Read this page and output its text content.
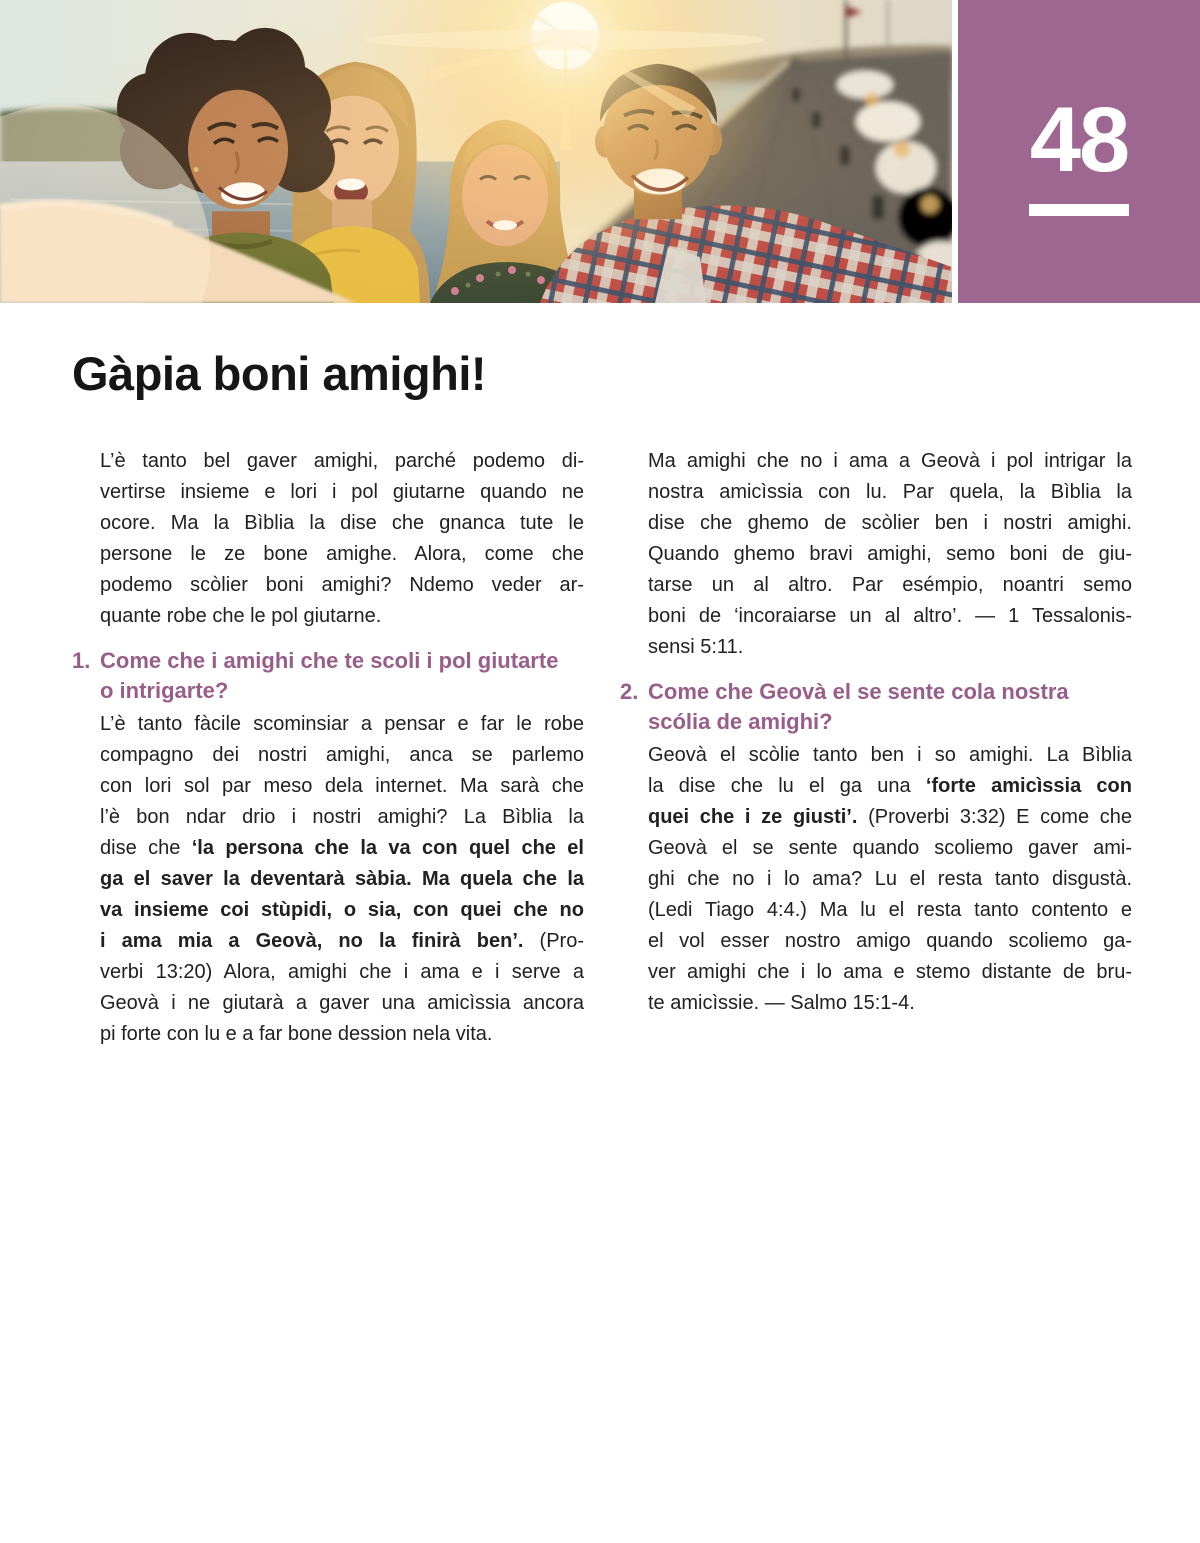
48
Gàpia boni amighi!
L’è tanto bel gaver amighi, parché podemo di-
vertirse insieme e lori i pol giutarne quando ne
ocore. Ma la Bìblia la dise che gnanca tute le
persone le ze bone amighe. Alora, come che
podemo scòlier boni amighi? Ndemo veder ar-
quante robe che le pol giutarne.
1. Come che i amighi che te scoli i pol giutarte
o intrigarte?
L’è tanto fàcile scominsiar a pensar e far le robe
compagno dei nostri amighi, anca se parlemo
con lori sol par meso dela internet. Ma sarà che
l’è bon ndar drio i nostri amighi? La Bìblia la
dise che ‘la persona che la va con quel che el
ga el saver la deventarà sàbia. Ma quela che la
va insieme coi stùpidi, o sia, con quei che no
i ama mia a Geovà, no la finirà ben’. (Pro-
verbi 13:20) Alora, amighi che i ama e i serve a
Geovà i ne giutarà a gaver una amicìssia ancora
pi forte con lu e a far bone dession nela vita.
Ma amighi che no i ama a Geovà i pol intrigar la
nostra amicìssia con lu. Par quela, la Bìblia la
dise che ghemo de scòlier ben i nostri amighi.
Quando ghemo bravi amighi, semo boni de giu-
tarse un al altro. Par esémpio, noantri semo
boni de ‘incoraiarse un al altro’. — 1 Tessalonis-
sensi 5:11.
2. Come che Geovà el se sente cola nostra
scólia de amighi?
Geovà el scòlie tanto ben i so amighi. La Bìblia
la dise che lu el ga una ‘forte amicìssia con
quei che i ze giusti’. (Proverbi 3:32) E come che
Geovà el se sente quando scoliemo gaver ami-
ghi che no i lo ama? Lu el resta tanto disgustà.
(Ledi Tiago 4:4.) Ma lu el resta tanto contento e
el vol esser nostro amigo quando scoliemo ga-
ver amighi che i lo ama e stemo distante de bru-
te amicìssie. — Salmo 15:1-4.
